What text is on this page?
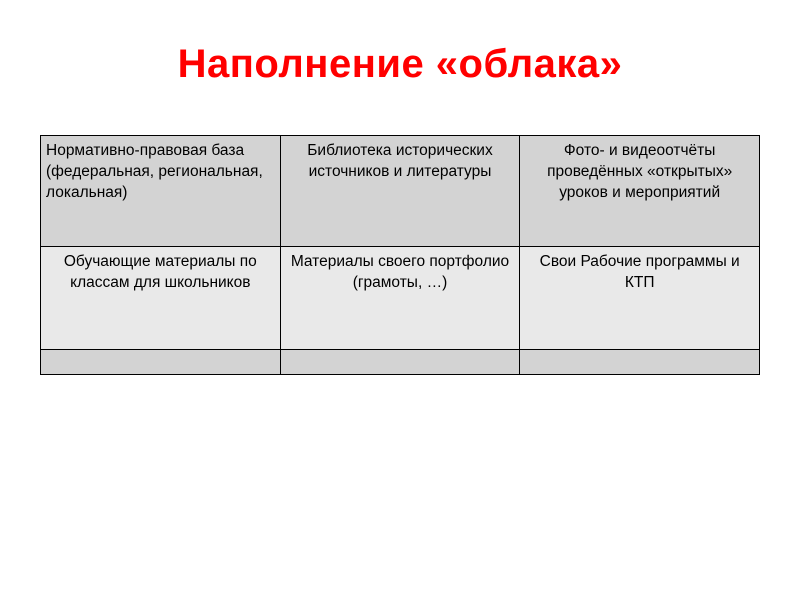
Наполнение «облака»
Нормативно-правовая база (федеральная, региональная, локальная)	Библиотека исторических источников и литературы	Фото- и видеоотчёты проведённых «открытых» уроков и мероприятий
Обучающие материалы по классам для школьников	Материалы своего портфолио (грамоты, …)	Свои Рабочие программы и КТП
